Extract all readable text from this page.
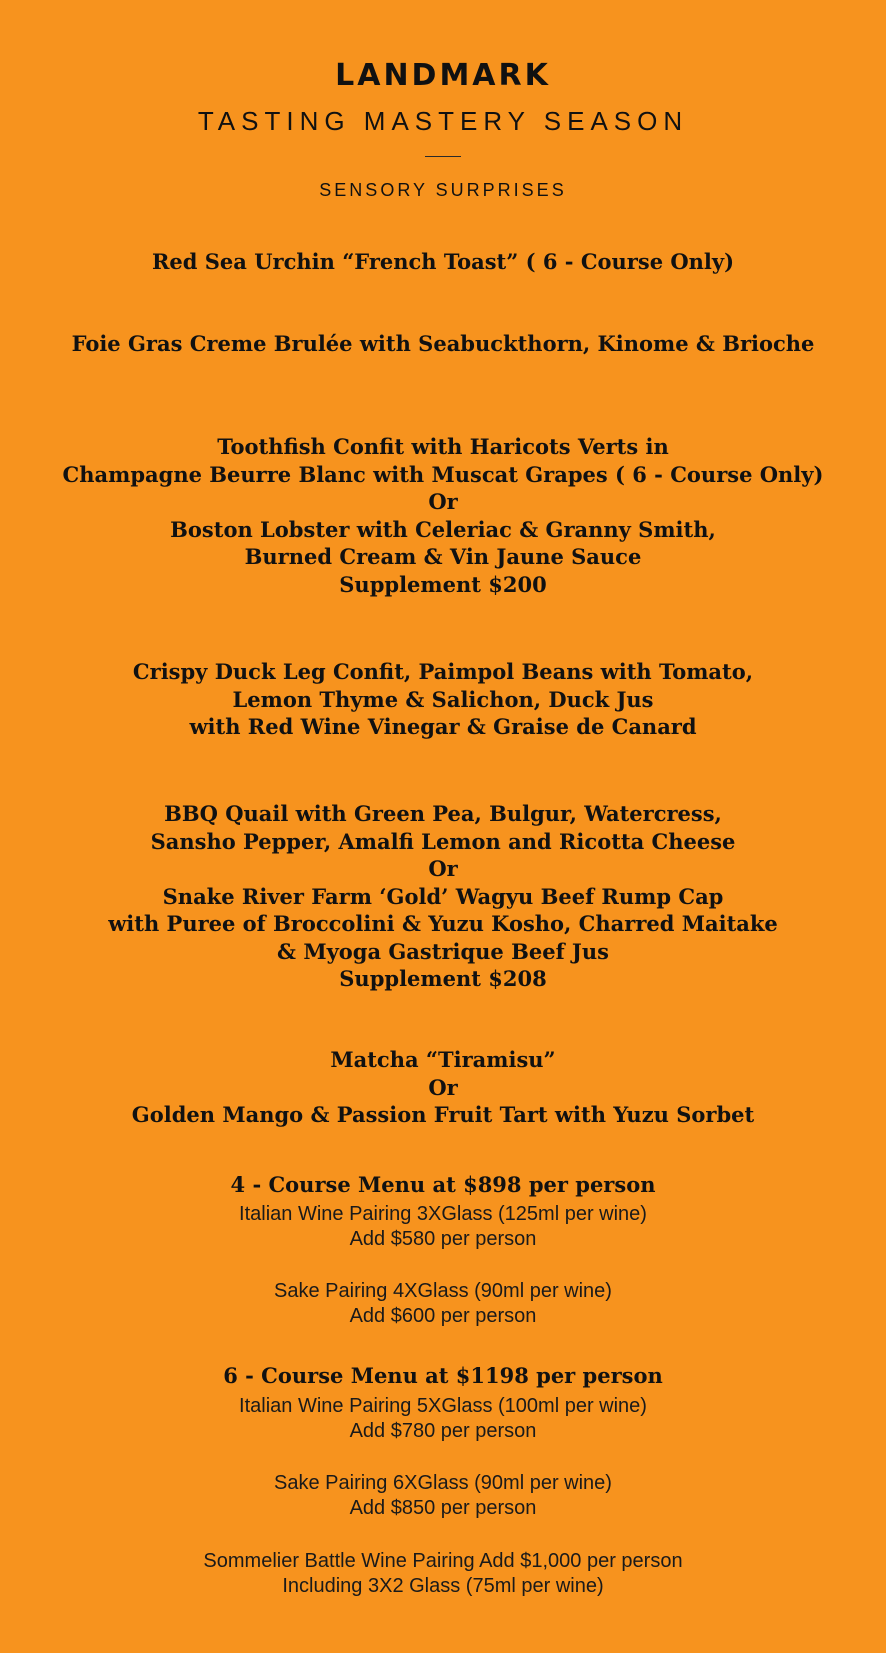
LANDMARK
TASTING MASTERY SEASON
SENSORY SURPRISES
Red Sea Urchin “French Toast” ( 6 - Course Only)
Foie Gras Creme Brulée with Seabuckthorn, Kinome & Brioche
Toothfish Confit with Haricots Verts in
Champagne Beurre Blanc with Muscat Grapes ( 6 - Course Only)
Or
Boston Lobster with Celeriac & Granny Smith,
Burned Cream & Vin Jaune Sauce
Supplement $200
Crispy Duck Leg Confit, Paimpol Beans with Tomato,
Lemon Thyme & Salichon, Duck Jus
with Red Wine Vinegar & Graise de Canard
BBQ Quail with Green Pea, Bulgur, Watercress,
Sansho Pepper, Amalfi Lemon and Ricotta Cheese
Or
Snake River Farm ‘Gold’ Wagyu Beef Rump Cap
with Puree of Broccolini & Yuzu Kosho, Charred Maitake
& Myoga Gastrique Beef Jus
Supplement $208
Matcha “Tiramisu”
Or
Golden Mango & Passion Fruit Tart with Yuzu Sorbet
4 - Course Menu at $898 per person
Italian Wine Pairing 3XGlass (125ml per wine)
Add $580 per person
Sake Pairing 4XGlass (90ml per wine)
Add $600 per person
6 - Course Menu at $1198 per person
Italian Wine Pairing 5XGlass (100ml per wine)
Add $780 per person
Sake Pairing 6XGlass (90ml per wine)
Add $850 per person
Sommelier Battle Wine Pairing Add $1,000 per person
Including 3X2 Glass (75ml per wine)
